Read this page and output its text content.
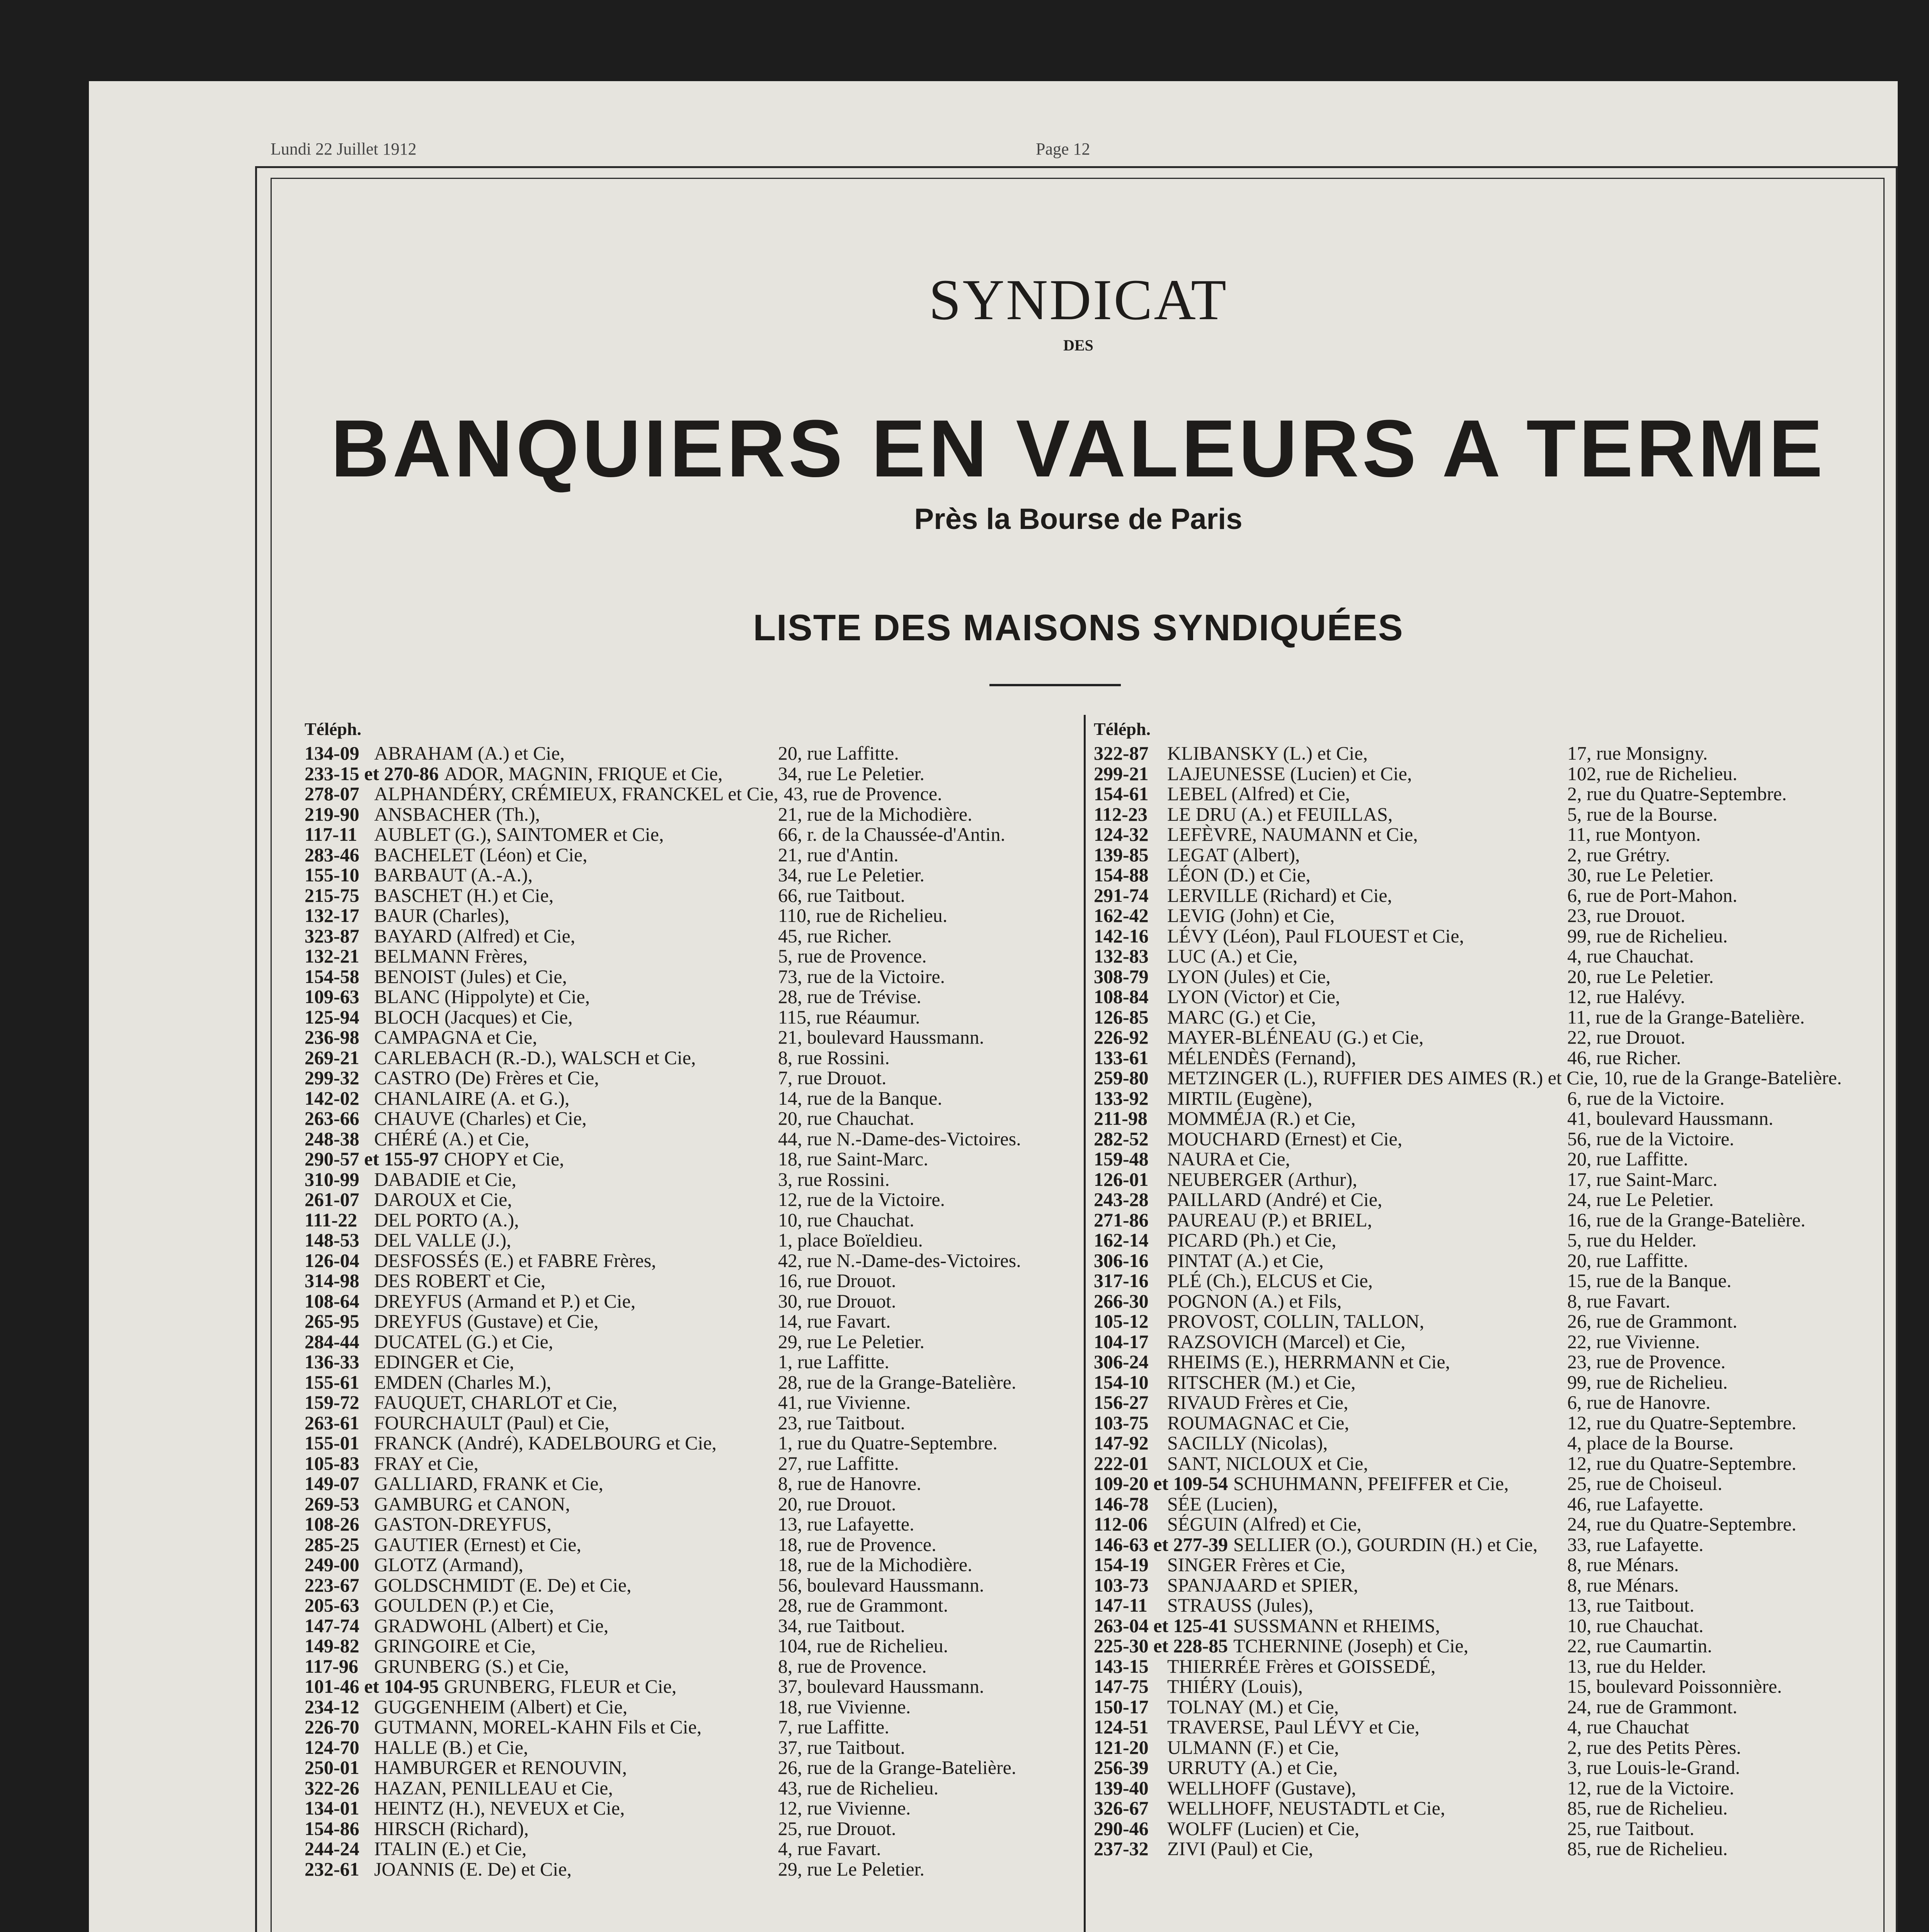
Lundi 22 Juillet 1912	Page 12
SYNDICAT
DES
BANQUIERS EN VALEURS A TERME
Près la Bourse de Paris
LISTE DES MAISONS SYNDIQUÉES
Téléph.	Téléph.
134-09 ABRAHAM (A.) et Cie,	20, rue Laffitte.
233-15 et 270-86 ADOR, MAGNIN, FRIQUE et Cie,	34, rue Le Peletier.
278-07 ALPHANDÉRY, CRÉMIEUX, FRANCKEL et Cie, 43, rue de Provence.
219-90 ANSBACHER (Th.),	21, rue de la Michodière.
117-11 AUBLET (G.), SAINTOMER et Cie,	66, r. de la Chaussée-d'Antin.
283-46 BACHELET (Léon) et Cie,	21, rue d'Antin.
155-10 BARBAUT (A.-A.),	34, rue Le Peletier.
215-75 BASCHET (H.) et Cie,	66, rue Taitbout.
132-17 BAUR (Charles),	110, rue de Richelieu.
323-87 BAYARD (Alfred) et Cie,	45, rue Richer.
132-21 BELMANN Frères,	5, rue de Provence.
154-58 BENOIST (Jules) et Cie,	73, rue de la Victoire.
109-63 BLANC (Hippolyte) et Cie,	28, rue de Trévise.
125-94 BLOCH (Jacques) et Cie,	115, rue Réaumur.
236-98 CAMPAGNA et Cie,	21, boulevard Haussmann.
269-21 CARLEBACH (R.-D.), WALSCH et Cie,	8, rue Rossini.
299-32 CASTRO (De) Frères et Cie,	7, rue Drouot.
142-02 CHANLAIRE (A. et G.),	14, rue de la Banque.
263-66 CHAUVE (Charles) et Cie,	20, rue Chauchat.
248-38 CHÉRÉ (A.) et Cie,	44, rue N.-Dame-des-Victoires.
290-57 et 155-97 CHOPY et Cie,	18, rue Saint-Marc.
310-99 DABADIE et Cie,	3, rue Rossini.
261-07 DAROUX et Cie,	12, rue de la Victoire.
111-22 DEL PORTO (A.),	10, rue Chauchat.
148-53 DEL VALLE (J.),	1, place Boïeldieu.
126-04 DESFOSSÉS (E.) et FABRE Frères,	42, rue N.-Dame-des-Victoires.
314-98 DES ROBERT et Cie,	16, rue Drouot.
108-64 DREYFUS (Armand et P.) et Cie,	30, rue Drouot.
265-95 DREYFUS (Gustave) et Cie,	14, rue Favart.
284-44 DUCATEL (G.) et Cie,	29, rue Le Peletier.
136-33 EDINGER et Cie,	1, rue Laffitte.
155-61 EMDEN (Charles M.),	28, rue de la Grange-Batelière.
159-72 FAUQUET, CHARLOT et Cie,	41, rue Vivienne.
263-61 FOURCHAULT (Paul) et Cie,	23, rue Taitbout.
155-01 FRANCK (André), KADELBOURG et Cie,	1, rue du Quatre-Septembre.
105-83 FRAY et Cie,	27, rue Laffitte.
149-07 GALLIARD, FRANK et Cie,	8, rue de Hanovre.
269-53 GAMBURG et CANON,	20, rue Drouot.
108-26 GASTON-DREYFUS,	13, rue Lafayette.
285-25 GAUTIER (Ernest) et Cie,	18, rue de Provence.
249-00 GLOTZ (Armand),	18, rue de la Michodière.
223-67 GOLDSCHMIDT (E. De) et Cie,	56, boulevard Haussmann.
205-63 GOULDEN (P.) et Cie,	28, rue de Grammont.
147-74 GRADWOHL (Albert) et Cie,	34, rue Taitbout.
149-82 GRINGOIRE et Cie,	104, rue de Richelieu.
117-96 GRUNBERG (S.) et Cie,	8, rue de Provence.
101-46 et 104-95 GRUNBERG, FLEUR et Cie,	37, boulevard Haussmann.
234-12 GUGGENHEIM (Albert) et Cie,	18, rue Vivienne.
226-70 GUTMANN, MOREL-KAHN Fils et Cie,	7, rue Laffitte.
124-70 HALLE (B.) et Cie,	37, rue Taitbout.
250-01 HAMBURGER et RENOUVIN,	26, rue de la Grange-Batelière.
322-26 HAZAN, PENILLEAU et Cie,	43, rue de Richelieu.
134-01 HEINTZ (H.), NEVEUX et Cie,	12, rue Vivienne.
154-86 HIRSCH (Richard),	25, rue Drouot.
244-24 ITALIN (E.) et Cie,	4, rue Favart.
232-61 JOANNIS (E. De) et Cie,	29, rue Le Peletier.
322-87 KLIBANSKY (L.) et Cie,	17, rue Monsigny.
299-21 LAJEUNESSE (Lucien) et Cie,	102, rue de Richelieu.
154-61 LEBEL (Alfred) et Cie,	2, rue du Quatre-Septembre.
112-23 LE DRU (A.) et FEUILLAS,	5, rue de la Bourse.
124-32 LEFÈVRE, NAUMANN et Cie,	11, rue Montyon.
139-85 LEGAT (Albert),	2, rue Grétry.
154-88 LÉON (D.) et Cie,	30, rue Le Peletier.
291-74 LERVILLE (Richard) et Cie,	6, rue de Port-Mahon.
162-42 LEVIG (John) et Cie,	23, rue Drouot.
142-16 LÉVY (Léon), Paul FLOUEST et Cie,	99, rue de Richelieu.
132-83 LUC (A.) et Cie,	4, rue Chauchat.
308-79 LYON (Jules) et Cie,	20, rue Le Peletier.
108-84 LYON (Victor) et Cie,	12, rue Halévy.
126-85 MARC (G.) et Cie,	11, rue de la Grange-Batelière.
226-92 MAYER-BLÉNEAU (G.) et Cie,	22, rue Drouot.
133-61 MÉLENDÈS (Fernand),	46, rue Richer.
259-80 METZINGER (L.), RUFFIER DES AIMES (R.) et Cie, 10, rue de la Grange-Batelière.
133-92 MIRTIL (Eugène),	6, rue de la Victoire.
211-98 MOMMÉJA (R.) et Cie,	41, boulevard Haussmann.
282-52 MOUCHARD (Ernest) et Cie,	56, rue de la Victoire.
159-48 NAURA et Cie,	20, rue Laffitte.
126-01 NEUBERGER (Arthur),	17, rue Saint-Marc.
243-28 PAILLARD (André) et Cie,	24, rue Le Peletier.
271-86 PAUREAU (P.) et BRIEL,	16, rue de la Grange-Batelière.
162-14 PICARD (Ph.) et Cie,	5, rue du Helder.
306-16 PINTAT (A.) et Cie,	20, rue Laffitte.
317-16 PLÉ (Ch.), ELCUS et Cie,	15, rue de la Banque.
266-30 POGNON (A.) et Fils,	8, rue Favart.
105-12 PROVOST, COLLIN, TALLON,	26, rue de Grammont.
104-17 RAZSOVICH (Marcel) et Cie,	22, rue Vivienne.
306-24 RHEIMS (E.), HERRMANN et Cie,	23, rue de Provence.
154-10 RITSCHER (M.) et Cie,	99, rue de Richelieu.
156-27 RIVAUD Frères et Cie,	6, rue de Hanovre.
103-75 ROUMAGNAC et Cie,	12, rue du Quatre-Septembre.
147-92 SACILLY (Nicolas),	4, place de la Bourse.
222-01 SANT, NICLOUX et Cie,	12, rue du Quatre-Septembre.
109-20 et 109-54 SCHUHMANN, PFEIFFER et Cie,	25, rue de Choiseul.
146-78 SÉE (Lucien),	46, rue Lafayette.
112-06 SÉGUIN (Alfred) et Cie,	24, rue du Quatre-Septembre.
146-63 et 277-39 SELLIER (O.), GOURDIN (H.) et Cie, 33, rue Lafayette.
154-19 SINGER Frères et Cie,	8, rue Ménars.
103-73 SPANJAARD et SPIER,	8, rue Ménars.
147-11 STRAUSS (Jules),	13, rue Taitbout.
263-04 et 125-41 SUSSMANN et RHEIMS,	10, rue Chauchat.
225-30 et 228-85 TCHERNINE (Joseph) et Cie,	22, rue Caumartin.
143-15 THIERRÉE Frères et GOISSEDÉ,	13, rue du Helder.
147-75 THIÉRY (Louis),	15, boulevard Poissonnière.
150-17 TOLNAY (M.) et Cie,	24, rue de Grammont.
124-51 TRAVERSE, Paul LÉVY et Cie,	4, rue Chauchat
121-20 ULMANN (F.) et Cie,	2, rue des Petits Pères.
256-39 URRUTY (A.) et Cie,	3, rue Louis-le-Grand.
139-40 WELLHOFF (Gustave),	12, rue de la Victoire.
326-67 WELLHOFF, NEUSTADTL et Cie,	85, rue de Richelieu.
290-46 WOLFF (Lucien) et Cie,	25, rue Taitbout.
237-32 ZIVI (Paul) et Cie,	85, rue de Richelieu.
